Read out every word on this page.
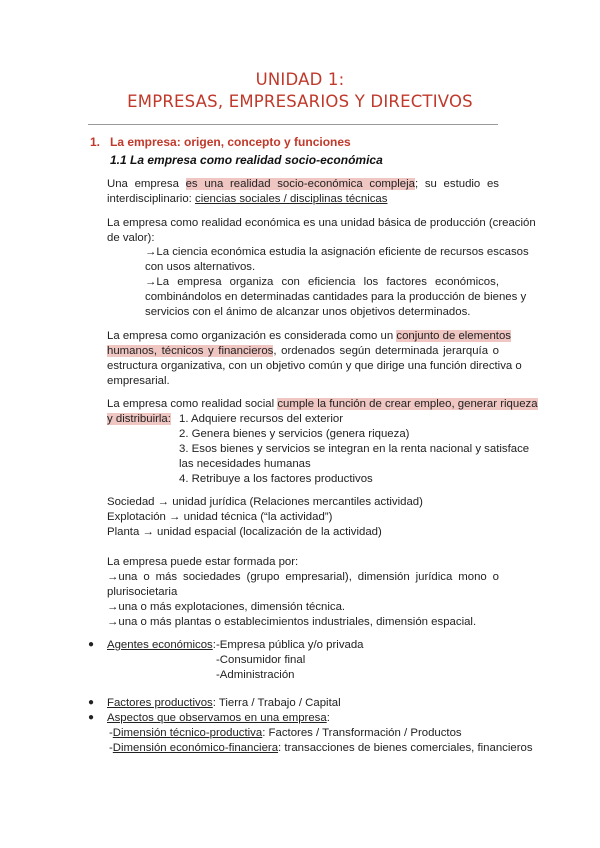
UNIDAD 1:
EMPRESAS, EMPRESARIOS Y DIRECTIVOS
1. La empresa: origen, concepto y funciones
1.1 La empresa como realidad socio-económica
Una empresa es una realidad socio-económica compleja; su estudio es
interdisciplinario: ciencias sociales / disciplinas técnicas
La empresa como realidad económica es una unidad básica de producción (creación
de valor):
→La ciencia económica estudia la asignación eficiente de recursos escasos
con usos alternativos.
→La empresa organiza con eficiencia los factores económicos,
combinándolos en determinadas cantidades para la producción de bienes y
servicios con el ánimo de alcanzar unos objetivos determinados.
La empresa como organización es considerada como un conjunto de elementos
humanos, técnicos y financieros, ordenados según determinada jerarquía o
estructura organizativa, con un objetivo común y que dirige una función directiva o
empresarial.
La empresa como realidad social cumple la función de crear empleo, generar riqueza
y distribuirla: 1. Adquiere recursos del exterior
2. Genera bienes y servicios (genera riqueza)
3. Esos bienes y servicios se integran en la renta nacional y satisface
las necesidades humanas
4. Retribuye a los factores productivos
Sociedad → unidad jurídica (Relaciones mercantiles actividad)
Explotación → unidad técnica (“la actividad”)
Planta → unidad espacial (localización de la actividad)
La empresa puede estar formada por:
→una o más sociedades (grupo empresarial), dimensión jurídica mono o
plurisocietaria
→una o más explotaciones, dimensión técnica.
→una o más plantas o establecimientos industriales, dimensión espacial.
● Agentes económicos: -Empresa pública y/o privada
-Consumidor final
-Administración
● Factores productivos: Tierra / Trabajo / Capital
● Aspectos que observamos en una empresa:
-Dimensión técnico-productiva: Factores / Transformación / Productos
-Dimensión económico-financiera: transacciones de bienes comerciales, financieros
